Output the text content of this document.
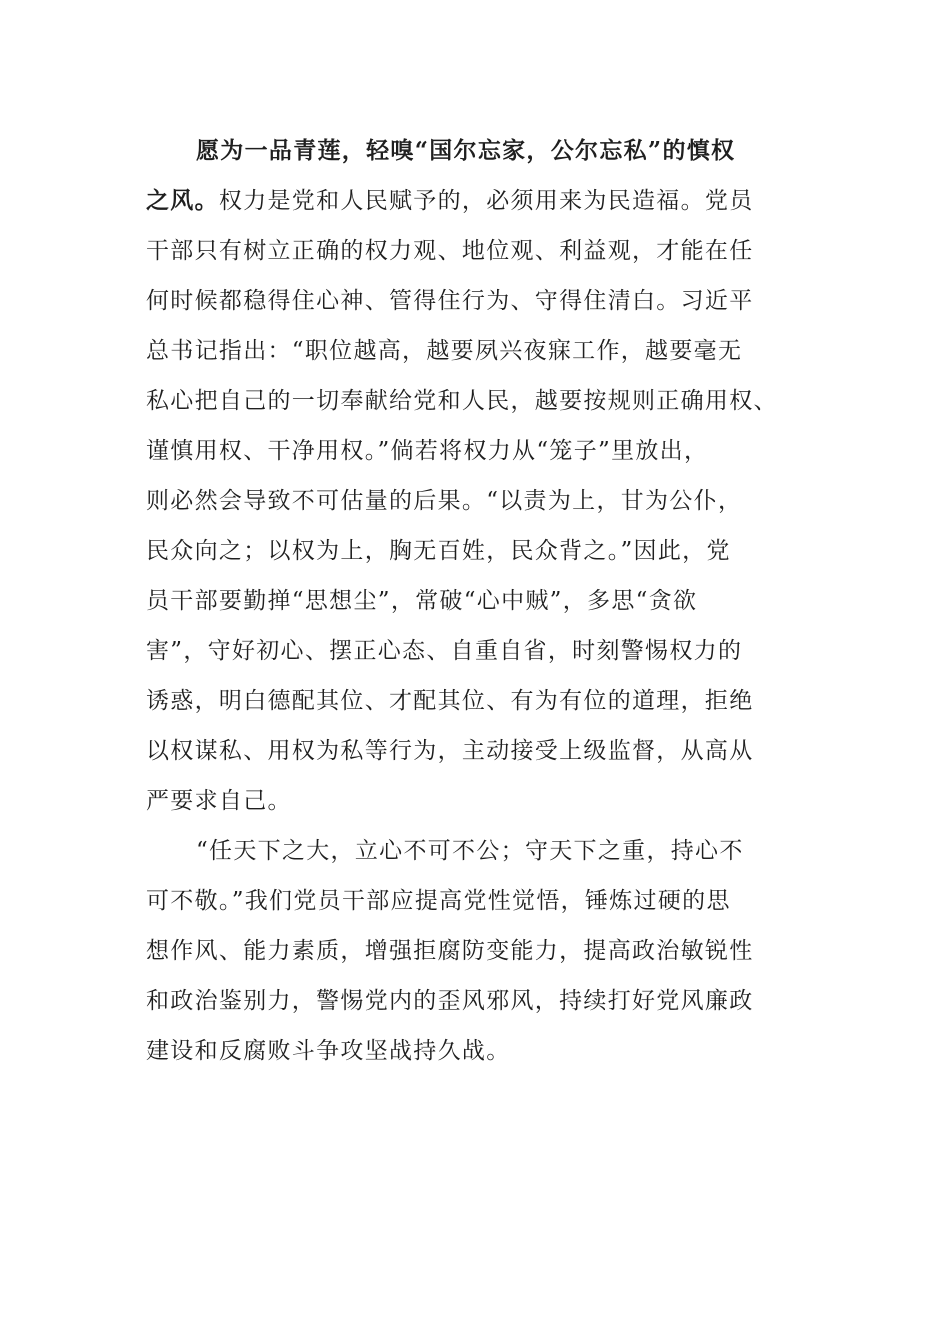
愿为一品青莲，轻嗅“国尔忘家，公尔忘私”的慎权
之风。权力是党和人民赋予的，必须用来为民造福。党员
干部只有树立正确的权力观、地位观、利益观，才能在任
何时候都稳得住心神、管得住行为、守得住清白。习近平
总书记指出：“职位越高，越要夙兴夜寐工作，越要毫无
私心把自己的一切奉献给党和人民，越要按规则正确用权、
谨慎用权、干净用权。”倘若将权力从“笼子”里放出，
则必然会导致不可估量的后果。“以责为上，甘为公仆，
民众向之；以权为上，胸无百姓，民众背之。”因此，党
员干部要勤掸“思想尘”，常破“心中贼”，多思“贪欲
害”，守好初心、摆正心态、自重自省，时刻警惕权力的
诱惑，明白德配其位、才配其位、有为有位的道理，拒绝
以权谋私、用权为私等行为，主动接受上级监督，从高从
严要求自己。
“任天下之大，立心不可不公；守天下之重，持心不
可不敬。”我们党员干部应提高党性觉悟，锤炼过硬的思
想作风、能力素质，增强拒腐防变能力，提高政治敏锐性
和政治鉴别力，警惕党内的歪风邪风，持续打好党风廉政
建设和反腐败斗争攻坚战持久战。
